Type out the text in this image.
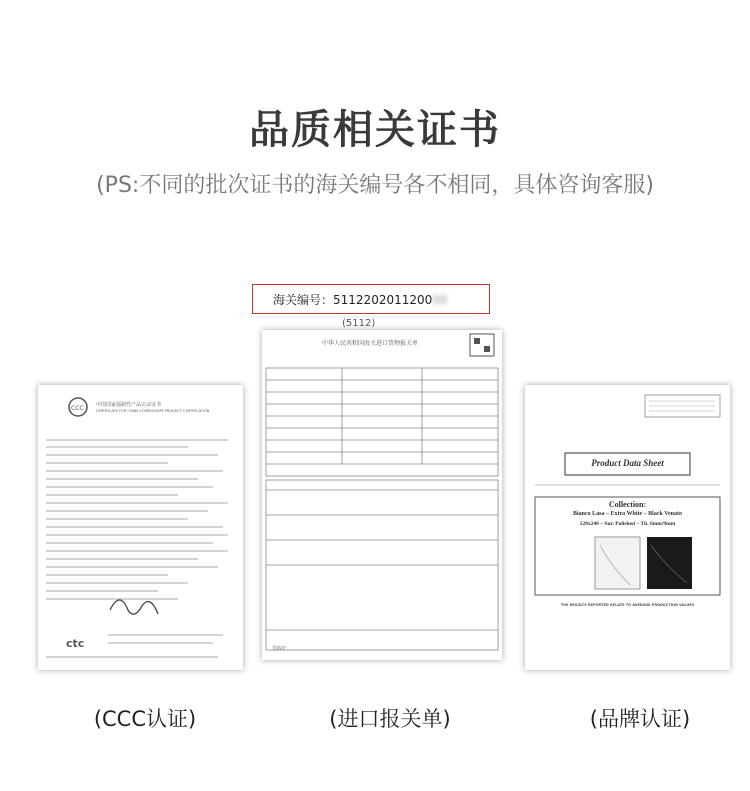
品质相关证书
(PS:不同的批次证书的海关编号各不相同，具体咨询客服)
CCC
ctc
中国国家强制性产品认证证书
CERTIFICATE FOR CHINA COMPULSORY PRODUCT CERTIFICATION
签收栏
海关编号：511220201120000
(5112)
中华人民共和国海关进口货物报关单
Product Data Sheet
Collection:
Bianco Lasa – Extra White – Black Venato
120x240 – Sur. Polished – Th. 6mm/9mm
THE RESULTS REPORTED RELATE TO AVERAGE PRODUCTION VALUES
(CCC认证)	(进口报关单)	(品牌认证)
